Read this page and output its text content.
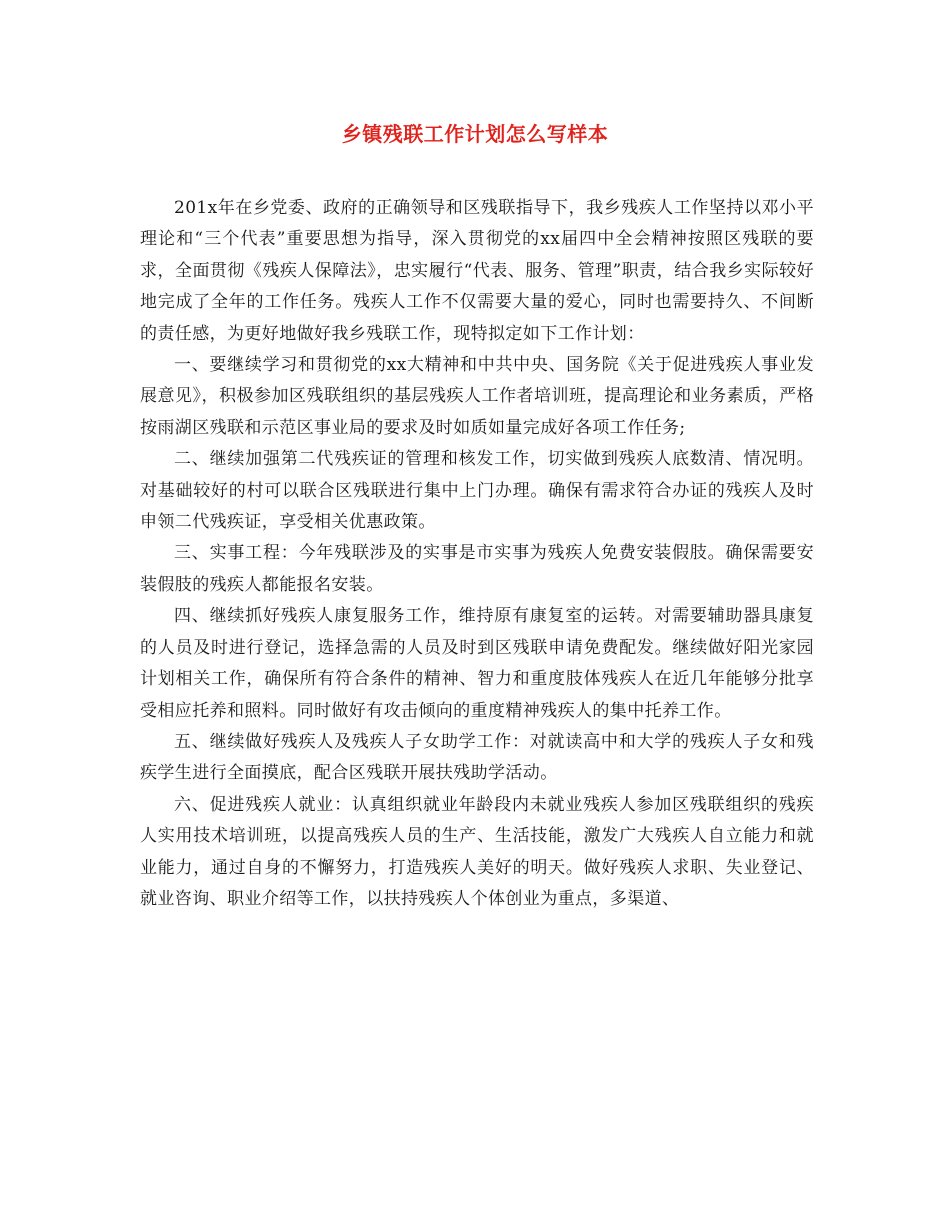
乡镇残联工作计划怎么写样本

201x年在乡党委、政府的正确领导和区残联指导下，我乡残疾人工作坚持以邓小平理论和“三个代表”重要思想为指导，深入贯彻党的xx届四中全会精神按照区残联的要求，全面贯彻《残疾人保障法》，忠实履行“代表、服务、管理”职责，结合我乡实际较好地完成了全年的工作任务。残疾人工作不仅需要大量的爱心，同时也需要持久、不间断的责任感，为更好地做好我乡残联工作，现特拟定如下工作计划：

一、要继续学习和贯彻党的xx大精神和中共中央、国务院《关于促进残疾人事业发展意见》，积极参加区残联组织的基层残疾人工作者培训班，提高理论和业务素质，严格按雨湖区残联和示范区事业局的要求及时如质如量完成好各项工作任务;

二、继续加强第二代残疾证的管理和核发工作，切实做到残疾人底数清、情况明。对基础较好的村可以联合区残联进行集中上门办理。确保有需求符合办证的残疾人及时申领二代残疾证，享受相关优惠政策。

三、实事工程：今年残联涉及的实事是市实事为残疾人免费安装假肢。确保需要安装假肢的残疾人都能报名安装。

四、继续抓好残疾人康复服务工作，维持原有康复室的运转。对需要辅助器具康复的人员及时进行登记，选择急需的人员及时到区残联申请免费配发。继续做好阳光家园计划相关工作，确保所有符合条件的精神、智力和重度肢体残疾人在近几年能够分批享受相应托养和照料。同时做好有攻击倾向的重度精神残疾人的集中托养工作。

五、继续做好残疾人及残疾人子女助学工作：对就读高中和大学的残疾人子女和残疾学生进行全面摸底，配合区残联开展扶残助学活动。

六、促进残疾人就业：认真组织就业年龄段内未就业残疾人参加区残联组织的残疾人实用技术培训班，以提高残疾人员的生产、生活技能，激发广大残疾人自立能力和就业能力，通过自身的不懈努力，打造残疾人美好的明天。做好残疾人求职、失业登记、就业咨询、职业介绍等工作，以扶持残疾人个体创业为重点，多渠道、
